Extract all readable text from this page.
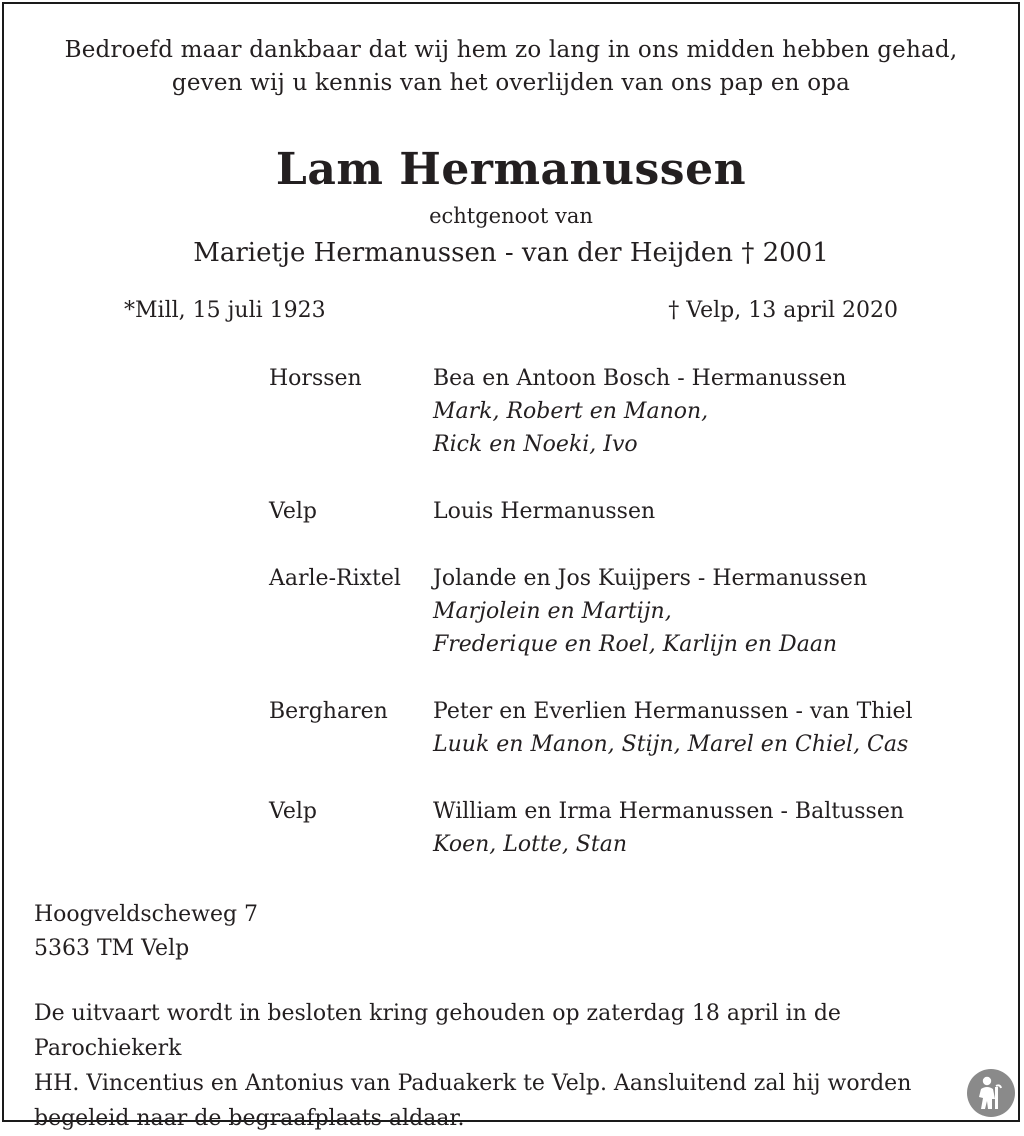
Bedroefd maar dankbaar dat wij hem zo lang in ons midden hebben gehad,
geven wij u kennis van het overlijden van ons pap en opa
Lam Hermanussen
echtgenoot van
Marietje Hermanussen - van der Heijden † 2001
*Mill, 15 juli 1923	† Velp, 13 april 2020
Horssen	Bea en Antoon Bosch - Hermanussen
Mark, Robert en Manon,
Rick en Noeki, Ivo
Velp	Louis Hermanussen
Aarle-Rixtel	Jolande en Jos Kuijpers - Hermanussen
Marjolein en Martijn,
Frederique en Roel, Karlijn en Daan
Bergharen	Peter en Everlien Hermanussen - van Thiel
Luuk en Manon, Stijn, Marel en Chiel, Cas
Velp	William en Irma Hermanussen - Baltussen
Koen, Lotte, Stan
Hoogveldscheweg 7
5363 TM Velp
De uitvaart wordt in besloten kring gehouden op zaterdag 18 april in de Parochiekerk
HH. Vincentius en Antonius van Paduakerk te Velp. Aansluitend zal hij worden
begeleid naar de begraafplaats aldaar.
